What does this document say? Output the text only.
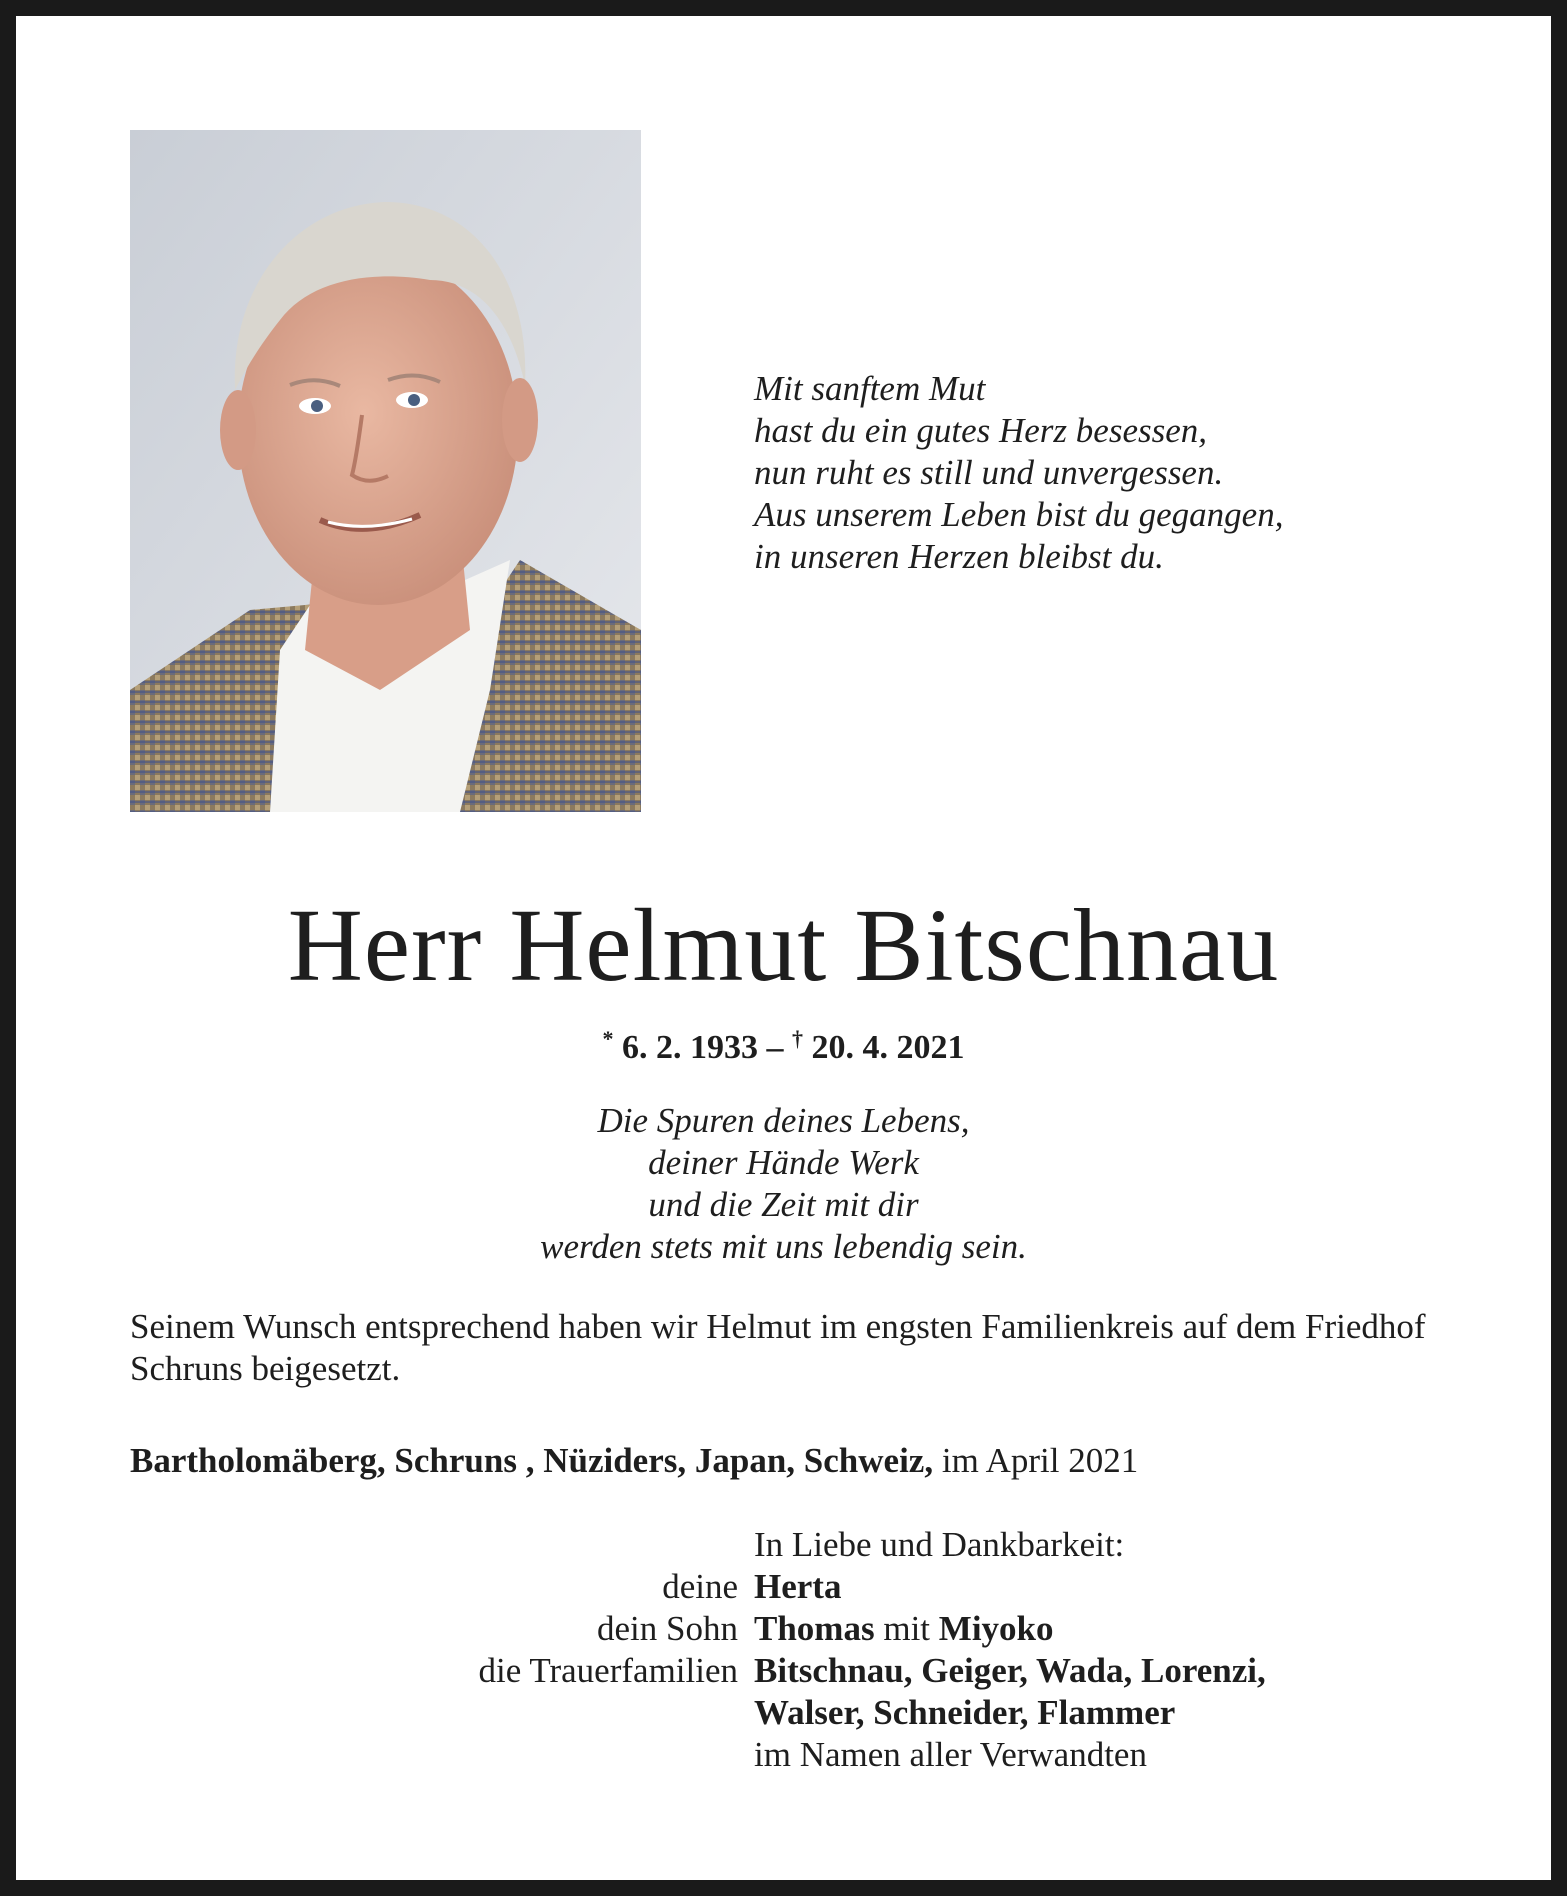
Mit sanftem Mut
hast du ein gutes Herz besessen,
nun ruht es still und unvergessen.
Aus unserem Leben bist du gegangen,
in unseren Herzen bleibst du.
Herr Helmut Bitschnau
* 6. 2. 1933 – † 20. 4. 2021
Die Spuren deines Lebens,
deiner Hände Werk
und die Zeit mit dir
werden stets mit uns lebendig sein.
Seinem Wunsch entsprechend haben wir Helmut im engsten Familienkreis auf dem Friedhof Schruns beigesetzt.
Bartholomäberg, Schruns , Nüziders, Japan, Schweiz, im April 2021
In Liebe und Dankbarkeit:
deine Herta
dein Sohn Thomas mit Miyoko
die Trauerfamilien Bitschnau, Geiger, Wada, Lorenzi,
Walser, Schneider, Flammer
im Namen aller Verwandten
